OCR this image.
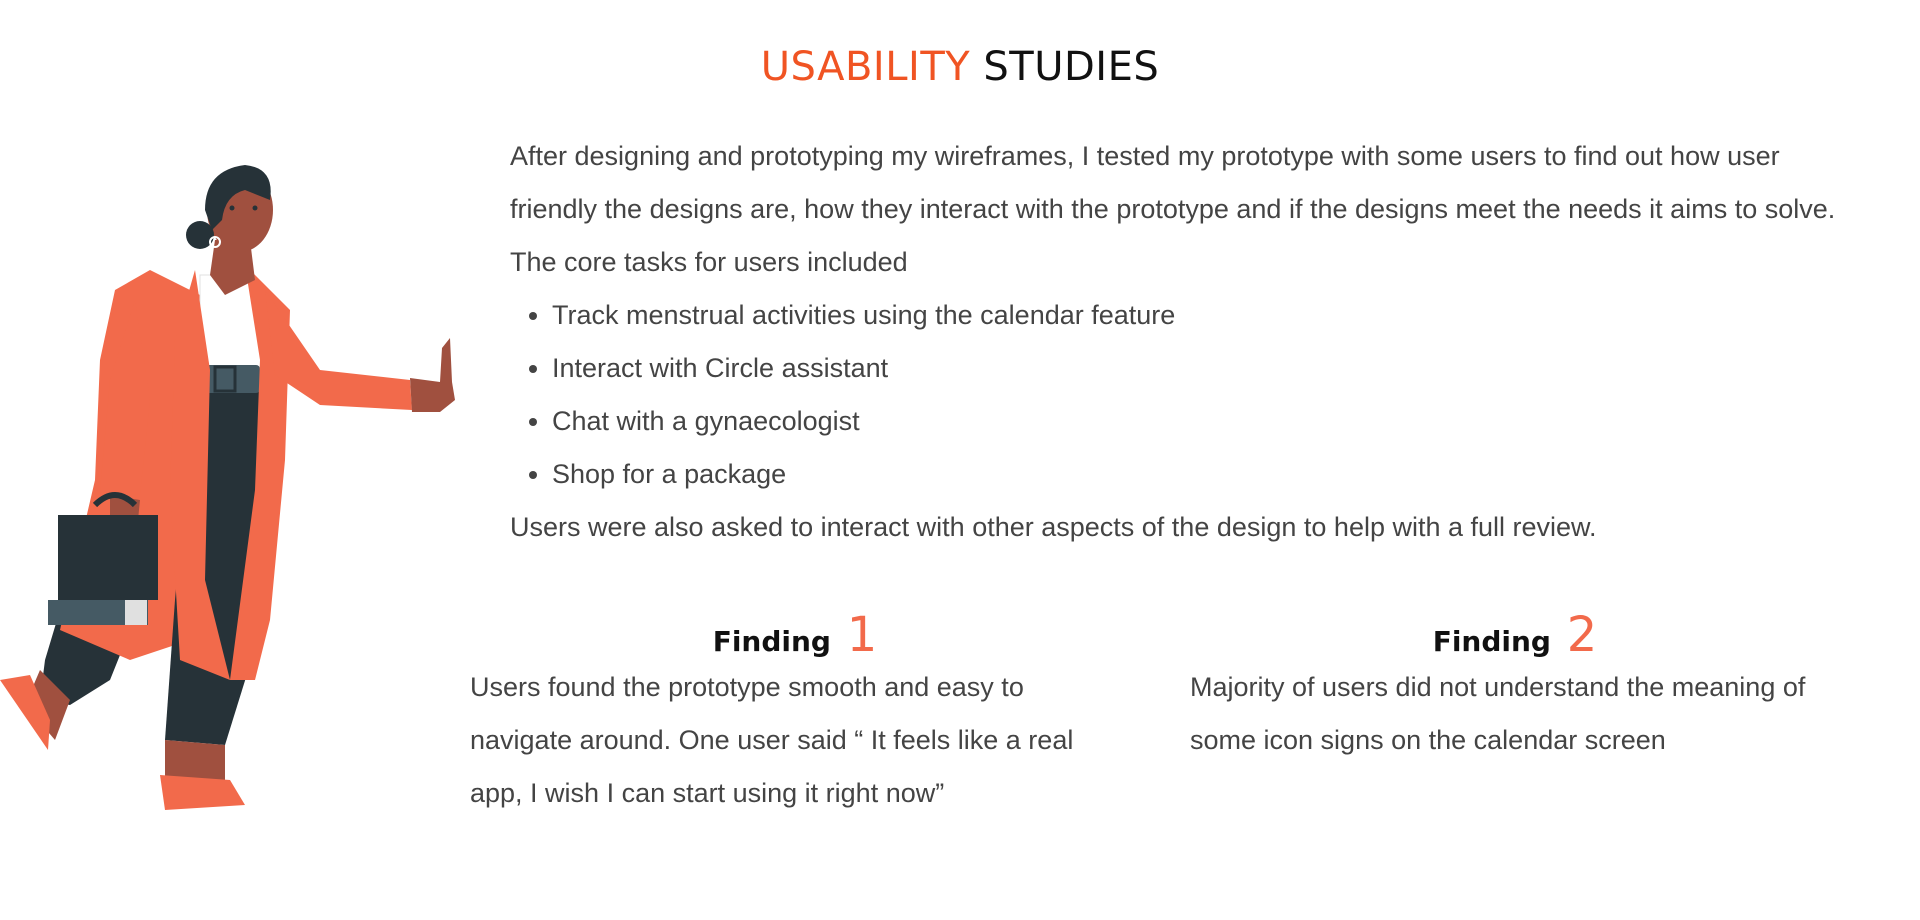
USABILITY STUDIES

After designing and prototyping my wireframes, I tested my prototype with some users to find out how user friendly the designs are, how they interact with the prototype and if the designs meet the needs it aims to solve. The core tasks for users included

• Track menstrual activities using the calendar feature
• Interact with Circle assistant
• Chat with a gynaecologist
• Shop for a package

Users were also asked to interact with other aspects of the design to help with a full review.

Finding 1

Users found the prototype smooth and easy to navigate around. One user said “ It feels like a real app, I wish I can start using it right now”

Finding 2

Majority of users did not understand the meaning of some icon signs on the calendar screen
